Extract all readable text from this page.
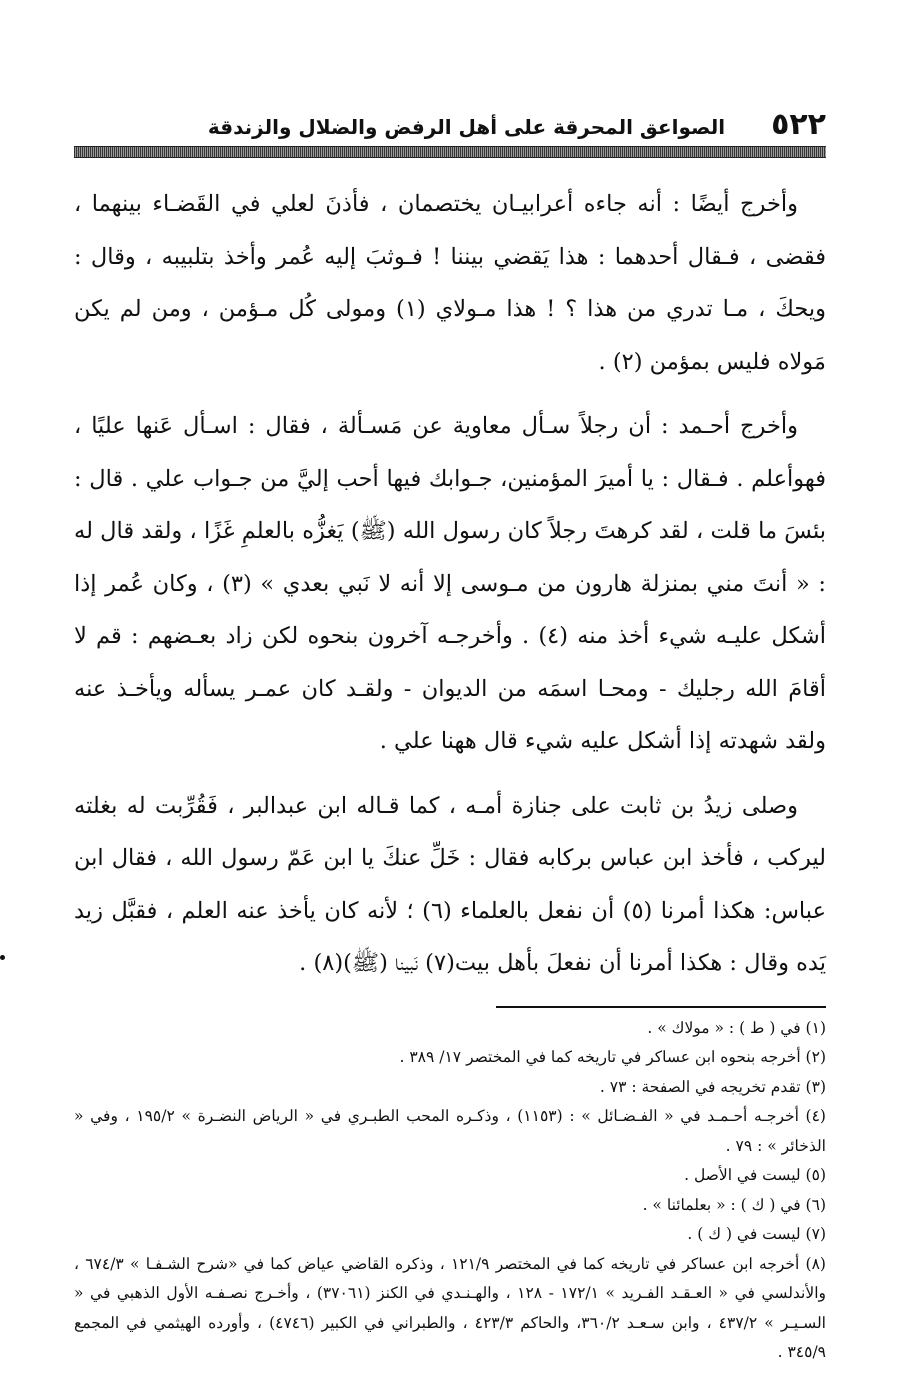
٥٢٢
الصواعق المحرقة على أهل الرفض والضلال والزندقة

وأخرج أيضًا : أنه جاءه أعرابيـان يختصمان ، فأذنَ لعلي في القَضـاء بينهما ، فقضى ، فـقال أحدهما : هذا يَقضي بيننا ! فـوثبَ إليه عُمر وأخذ بتلبيبه ، وقال : ويحكَ ، مـا تدري من هذا ؟ ! هذا مـولاي (١) ومولى كُل مـؤمن ، ومن لم يكن مَولاه فليس بمؤمن (٢) .

وأخرج أحـمد : أن رجلاً سـأل معاوية عن مَسـألة ، فقال : اسـأل عَنها عليًا ، فهوأعلم . فـقال : يا أميرَ المؤمنين، جـوابك فيها أحب إليَّ من جـواب علي . قال : بئسَ ما قلت ، لقد كرهتَ رجلاً كان رسول الله (ﷺ) يَغزُّه بالعلمِ غَزًا ، ولقد قال له : « أنتَ مني بمنزلة هارون من مـوسى إلا أنه لا نَبي بعدي » (٣) ، وكان عُمر إذا أشكل عليـه شيء أخذ منه (٤) . وأخرجـه آخرون بنحوه لكن زاد بعـضهم : قم لا أقامَ الله رجليك - ومحـا اسمَه من الديوان - ولقـد كان عمـر يسأله ويأخـذ عنه ولقد شهدته إذا أشكل عليه شيء قال ههنا علي .

وصلى زيدُ بن ثابت على جنازة أمـه ، كما قـاله ابن عبدالبر ، فَقُرِّبت له بغلته ليركب ، فأخذ ابن عباس بركابه فقال : خَلِّ عنكَ يا ابن عَمّ رسول الله ، فقال ابن عباس: هكذا أمرنا (٥) أن نفعل بالعلماء (٦) ؛ لأنه كان يأخذ عنه العلم ، فقبَّل زيد يَده وقال : هكذا أمرنا أن نفعلَ بأهل بيت(٧) نَبينا (ﷺ)(٨) .

(١) في ( ط ) : « مولاك » .

(٢) أخرجه بنحوه ابن عساكر في تاريخه كما في المختصر ١٧/ ٣٨٩ .

(٣) تقدم تخريجه في الصفحة : ٧٣ .

(٤) أخرجـه أحـمـد في « الفـضـائل » : (١١٥٣) ، وذكـره المحب الطبـري في « الرياض النضـرة » ١٩٥/٢ ، وفي « الذخائر » : ٧٩ .

(٥) ليست في الأصل .

(٦) في ( ك ) : « بعلمائنا » .

(٧) ليست في ( ك ) .

(٨) أخرجه ابن عساكر في تاريخه كما في المختصر ١٢١/٩ ، وذكره القاضي عياض كما في «شرح الشـفـا » ٦٧٤/٣ ، والأندلسي في « العـقـد الفـريد » ١٧٢/١ - ١٢٨ ، والهـنـدي في الكنز (٣٧٠٦١) ، وأخـرج نصـفـه الأول الذهبي في « السـيـر » ٤٣٧/٢ ، وابن سـعـد ٣٦٠/٢، والحاكم ٤٢٣/٣ ، والطبراني في الكبير (٤٧٤٦) ، وأورده الهيثمي في المجمع ٣٤٥/٩ .
